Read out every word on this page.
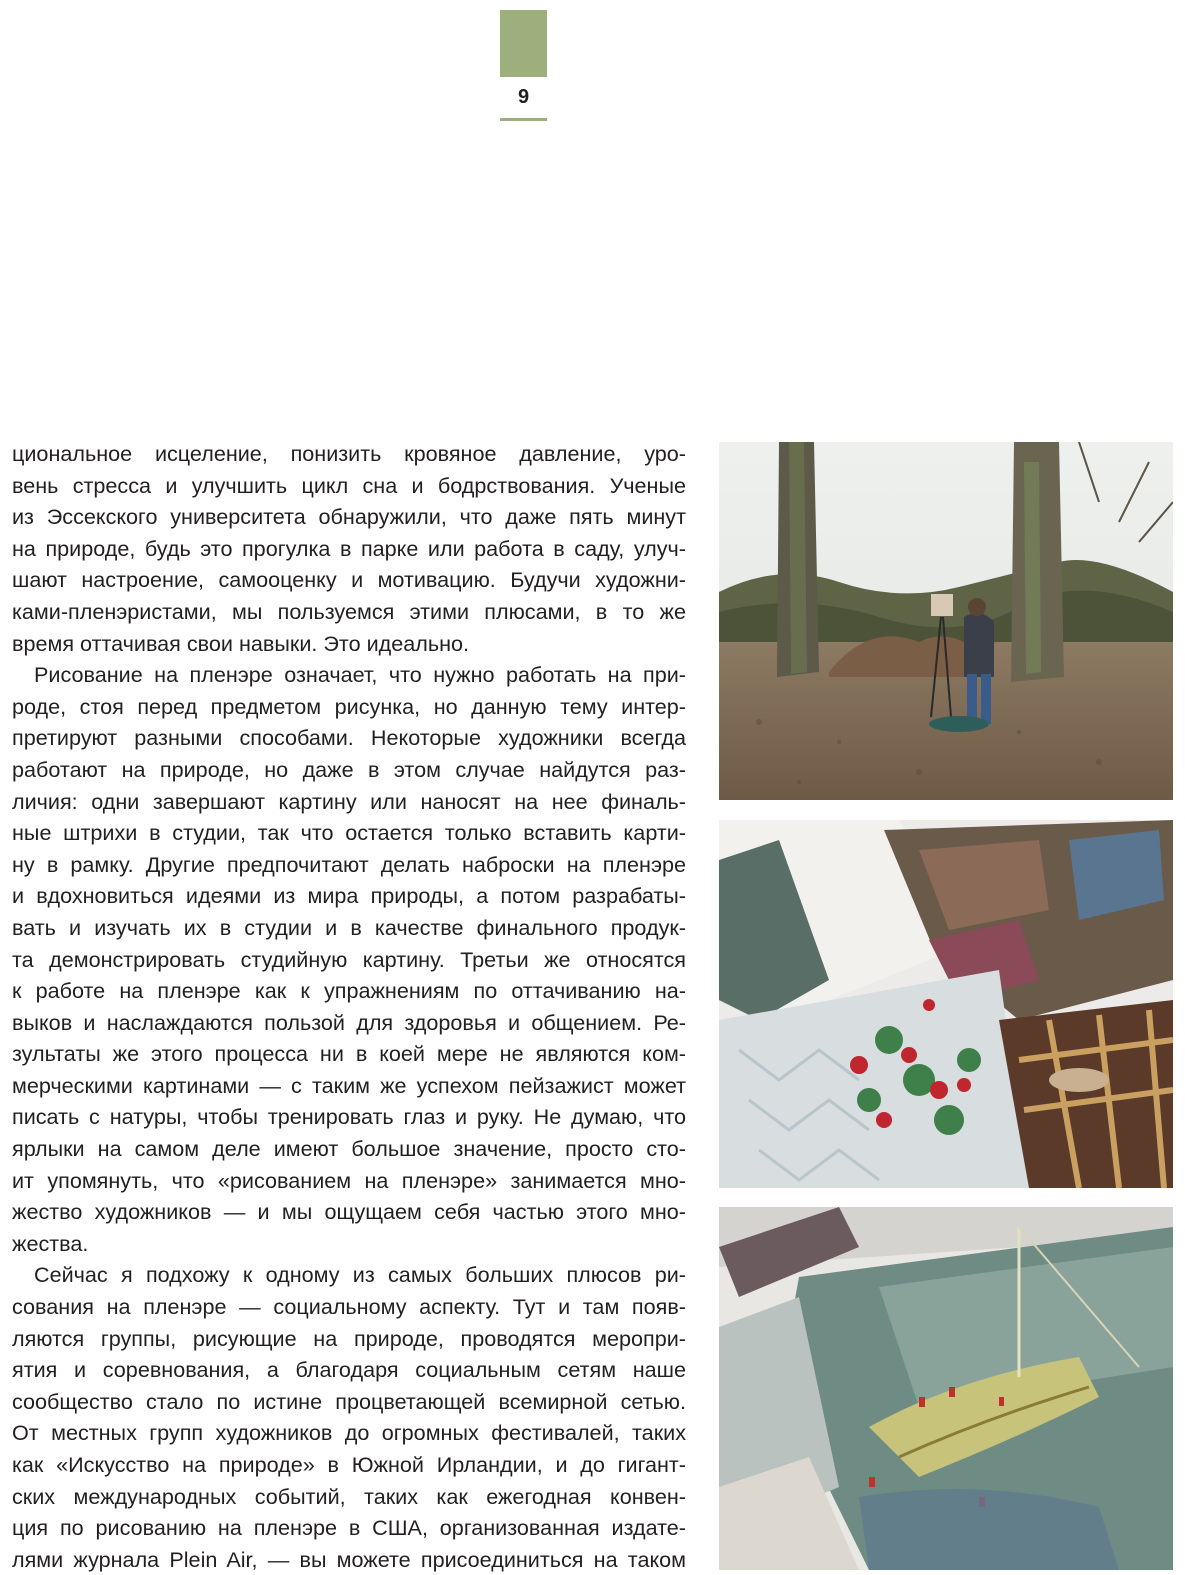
9

циональное исцеление, понизить кровяное давление, уро-
вень стресса и улучшить цикл сна и бодрствования. Ученые
из Эссекского университета обнаружили, что даже пять минут
на природе, будь это прогулка в парке или работа в саду, улуч-
шают настроение, самооценку и мотивацию. Будучи художни-
ками-пленэристами, мы пользуемся этими плюсами, в то же
время оттачивая свои навыки. Это идеально.

Рисование на пленэре означает, что нужно работать на при-
роде, стоя перед предметом рисунка, но данную тему интер-
претируют разными способами. Некоторые художники всегда
работают на природе, но даже в этом случае найдутся раз-
личия: одни завершают картину или наносят на нее финаль-
ные штрихи в студии, так что остается только вставить карти-
ну в рамку. Другие предпочитают делать наброски на пленэре
и вдохновиться идеями из мира природы, а потом разрабаты-
вать и изучать их в студии и в качестве финального продук-
та демонстрировать студийную картину. Третьи же относятся
к работе на пленэре как к упражнениям по оттачиванию на-
выков и наслаждаются пользой для здоровья и общением. Ре-
зультаты же этого процесса ни в коей мере не являются ком-
мерческими картинами — с таким же успехом пейзажист может
писать с натуры, чтобы тренировать глаз и руку. Не думаю, что
ярлыки на самом деле имеют большое значение, просто сто-
ит упомянуть, что «рисованием на пленэре» занимается мно-
жество художников — и мы ощущаем себя частью этого мно-
жества.

Сейчас я подхожу к одному из самых больших плюсов ри-
сования на пленэре — социальному аспекту. Тут и там появ-
ляются группы, рисующие на природе, проводятся меропри-
ятия и соревнования, а благодаря социальным сетям наше
сообщество стало по истине процветающей всемирной сетью.
От местных групп художников до огромных фестивалей, таких
как «Искусство на природе» в Южной Ирландии, и до гигант-
ских международных событий, таких как ежегодная конвен-
ция по рисованию на пленэре в США, организованная издате-
лями журнала Plein Air, — вы можете присоединиться на таком
